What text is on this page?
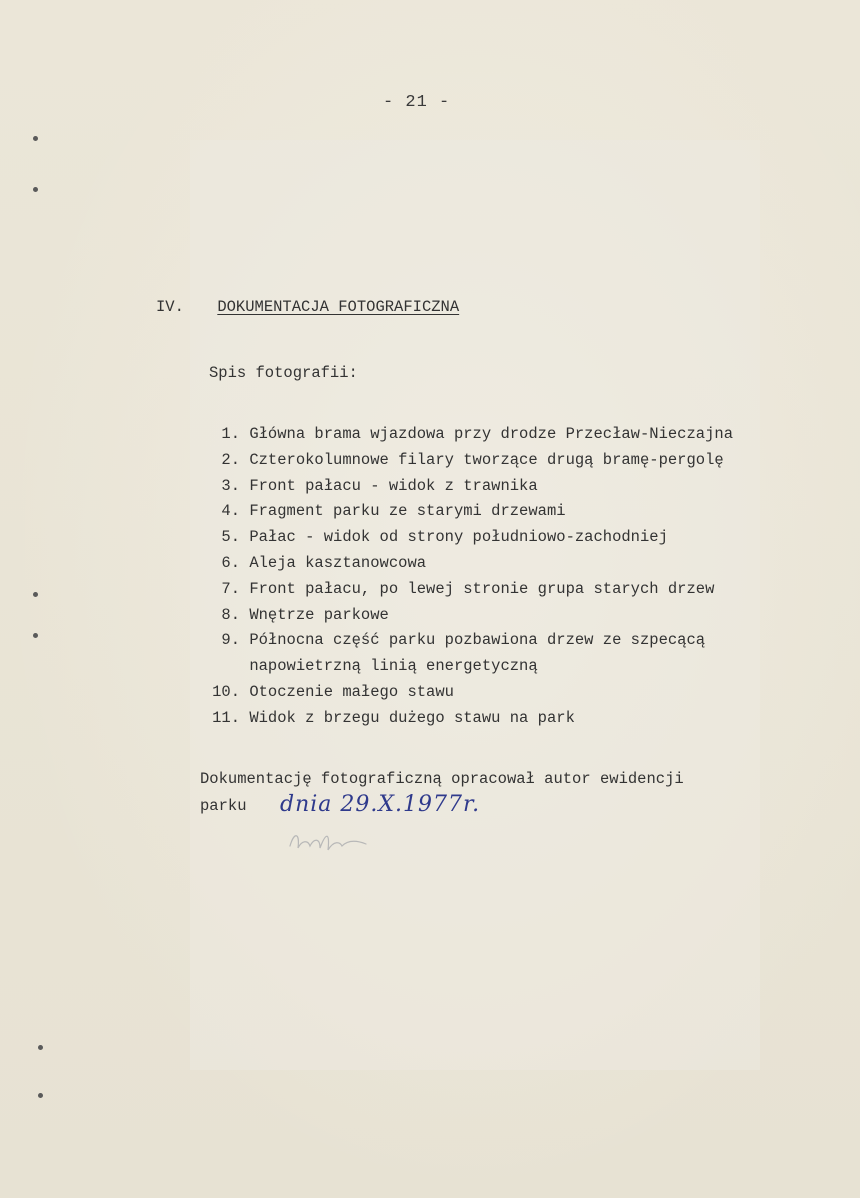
- 21 -
IV. DOKUMENTACJA FOTOGRAFICZNA
Spis fotografii:
1. Główna brama wjazdowa przy drodze Przecław-Nieczajna
2. Czterokolumnowe filary tworzące drugą bramę-pergolę
3. Front pałacu - widok z trawnika
4. Fragment parku ze starymi drzewami
5. Pałac - widok od strony południowo-zachodniej
6. Aleja kasztanowcowa
7. Front pałacu, po lewej stronie grupa starych drzew
8. Wnętrze parkowe
9. Północna część parku pozbawiona drzew ze szpecącą
napowietrzną linią energetyczną
10. Otoczenie małego stawu
11. Widok z brzegu dużego stawu na park
Dokumentację fotograficzną opracował autor ewidencji
parku	dnia 29.X.1977r.
